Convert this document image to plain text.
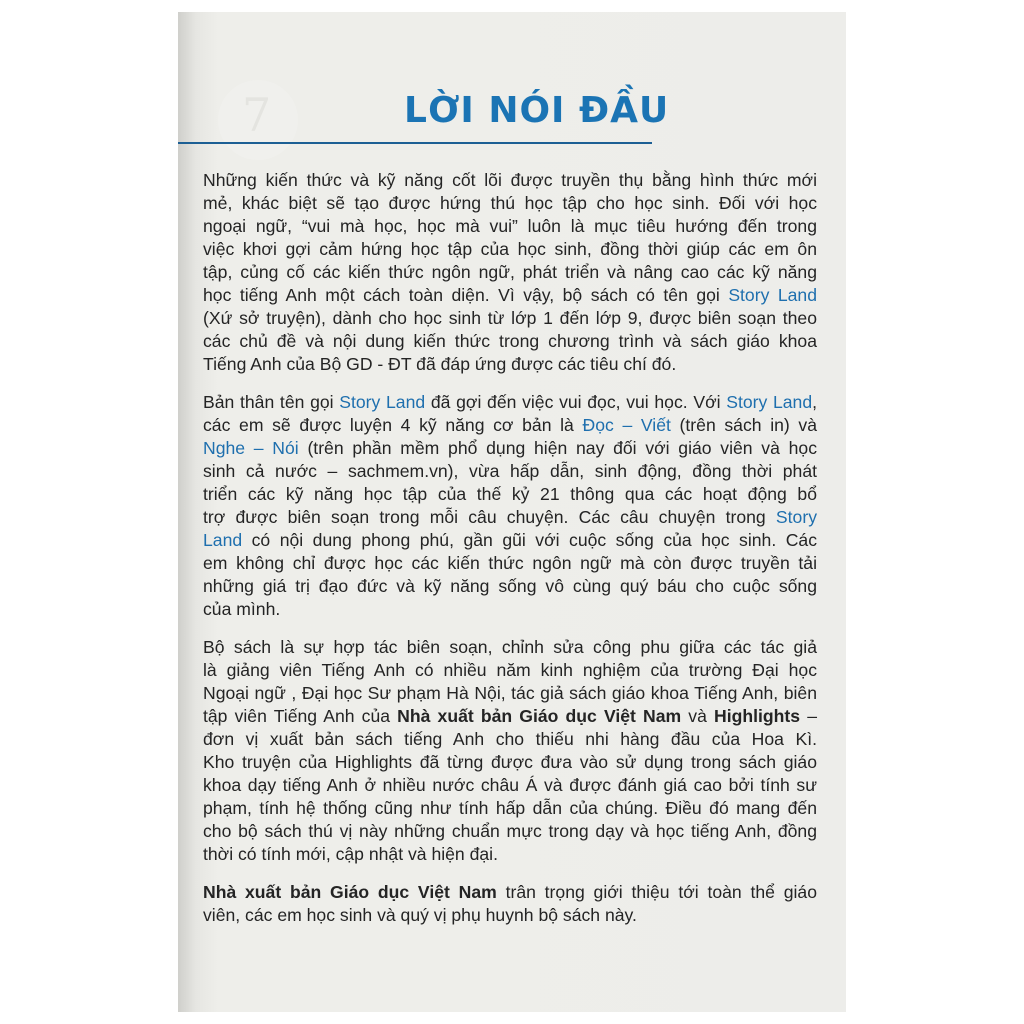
7	LỜI NÓI ĐẦU
Những kiến thức và kỹ năng cốt lõi được truyền thụ bằng hình thức mới
mẻ, khác biệt sẽ tạo được hứng thú học tập cho học sinh. Đối với học
ngoại ngữ, “vui mà học, học mà vui” luôn là mục tiêu hướng đến trong
việc khơi gợi cảm hứng học tập của học sinh, đồng thời giúp các em ôn
tập, củng cố các kiến thức ngôn ngữ, phát triển và nâng cao các kỹ năng
học tiếng Anh một cách toàn diện. Vì vậy, bộ sách có tên gọi Story Land
(Xứ sở truyện), dành cho học sinh từ lớp 1 đến lớp 9, được biên soạn theo
các chủ đề và nội dung kiến thức trong chương trình và sách giáo khoa
Tiếng Anh của Bộ GD - ĐT đã đáp ứng được các tiêu chí đó.
Bản thân tên gọi Story Land đã gợi đến việc vui đọc, vui học. Với Story Land,
các em sẽ được luyện 4 kỹ năng cơ bản là Đọc – Viết (trên sách in) và
Nghe – Nói (trên phần mềm phổ dụng hiện nay đối với giáo viên và học
sinh cả nước – sachmem.vn), vừa hấp dẫn, sinh động, đồng thời phát
triển các kỹ năng học tập của thế kỷ 21 thông qua các hoạt động bổ
trợ được biên soạn trong mỗi câu chuyện. Các câu chuyện trong Story
Land có nội dung phong phú, gần gũi với cuộc sống của học sinh. Các
em không chỉ được học các kiến thức ngôn ngữ mà còn được truyền tải
những giá trị đạo đức và kỹ năng sống vô cùng quý báu cho cuộc sống
của mình.
Bộ sách là sự hợp tác biên soạn, chỉnh sửa công phu giữa các tác giả
là giảng viên Tiếng Anh có nhiều năm kinh nghiệm của trường Đại học
Ngoại ngữ , Đại học Sư phạm Hà Nội, tác giả sách giáo khoa Tiếng Anh, biên
tập viên Tiếng Anh của Nhà xuất bản Giáo dục Việt Nam và Highlights –
đơn vị xuất bản sách tiếng Anh cho thiếu nhi hàng đầu của Hoa Kì.
Kho truyện của Highlights đã từng được đưa vào sử dụng trong sách giáo
khoa dạy tiếng Anh ở nhiều nước châu Á và được đánh giá cao bởi tính sư
phạm, tính hệ thống cũng như tính hấp dẫn của chúng. Điều đó mang đến
cho bộ sách thú vị này những chuẩn mực trong dạy và học tiếng Anh, đồng
thời có tính mới, cập nhật và hiện đại.
Nhà xuất bản Giáo dục Việt Nam trân trọng giới thiệu tới toàn thể giáo
viên, các em học sinh và quý vị phụ huynh bộ sách này.
